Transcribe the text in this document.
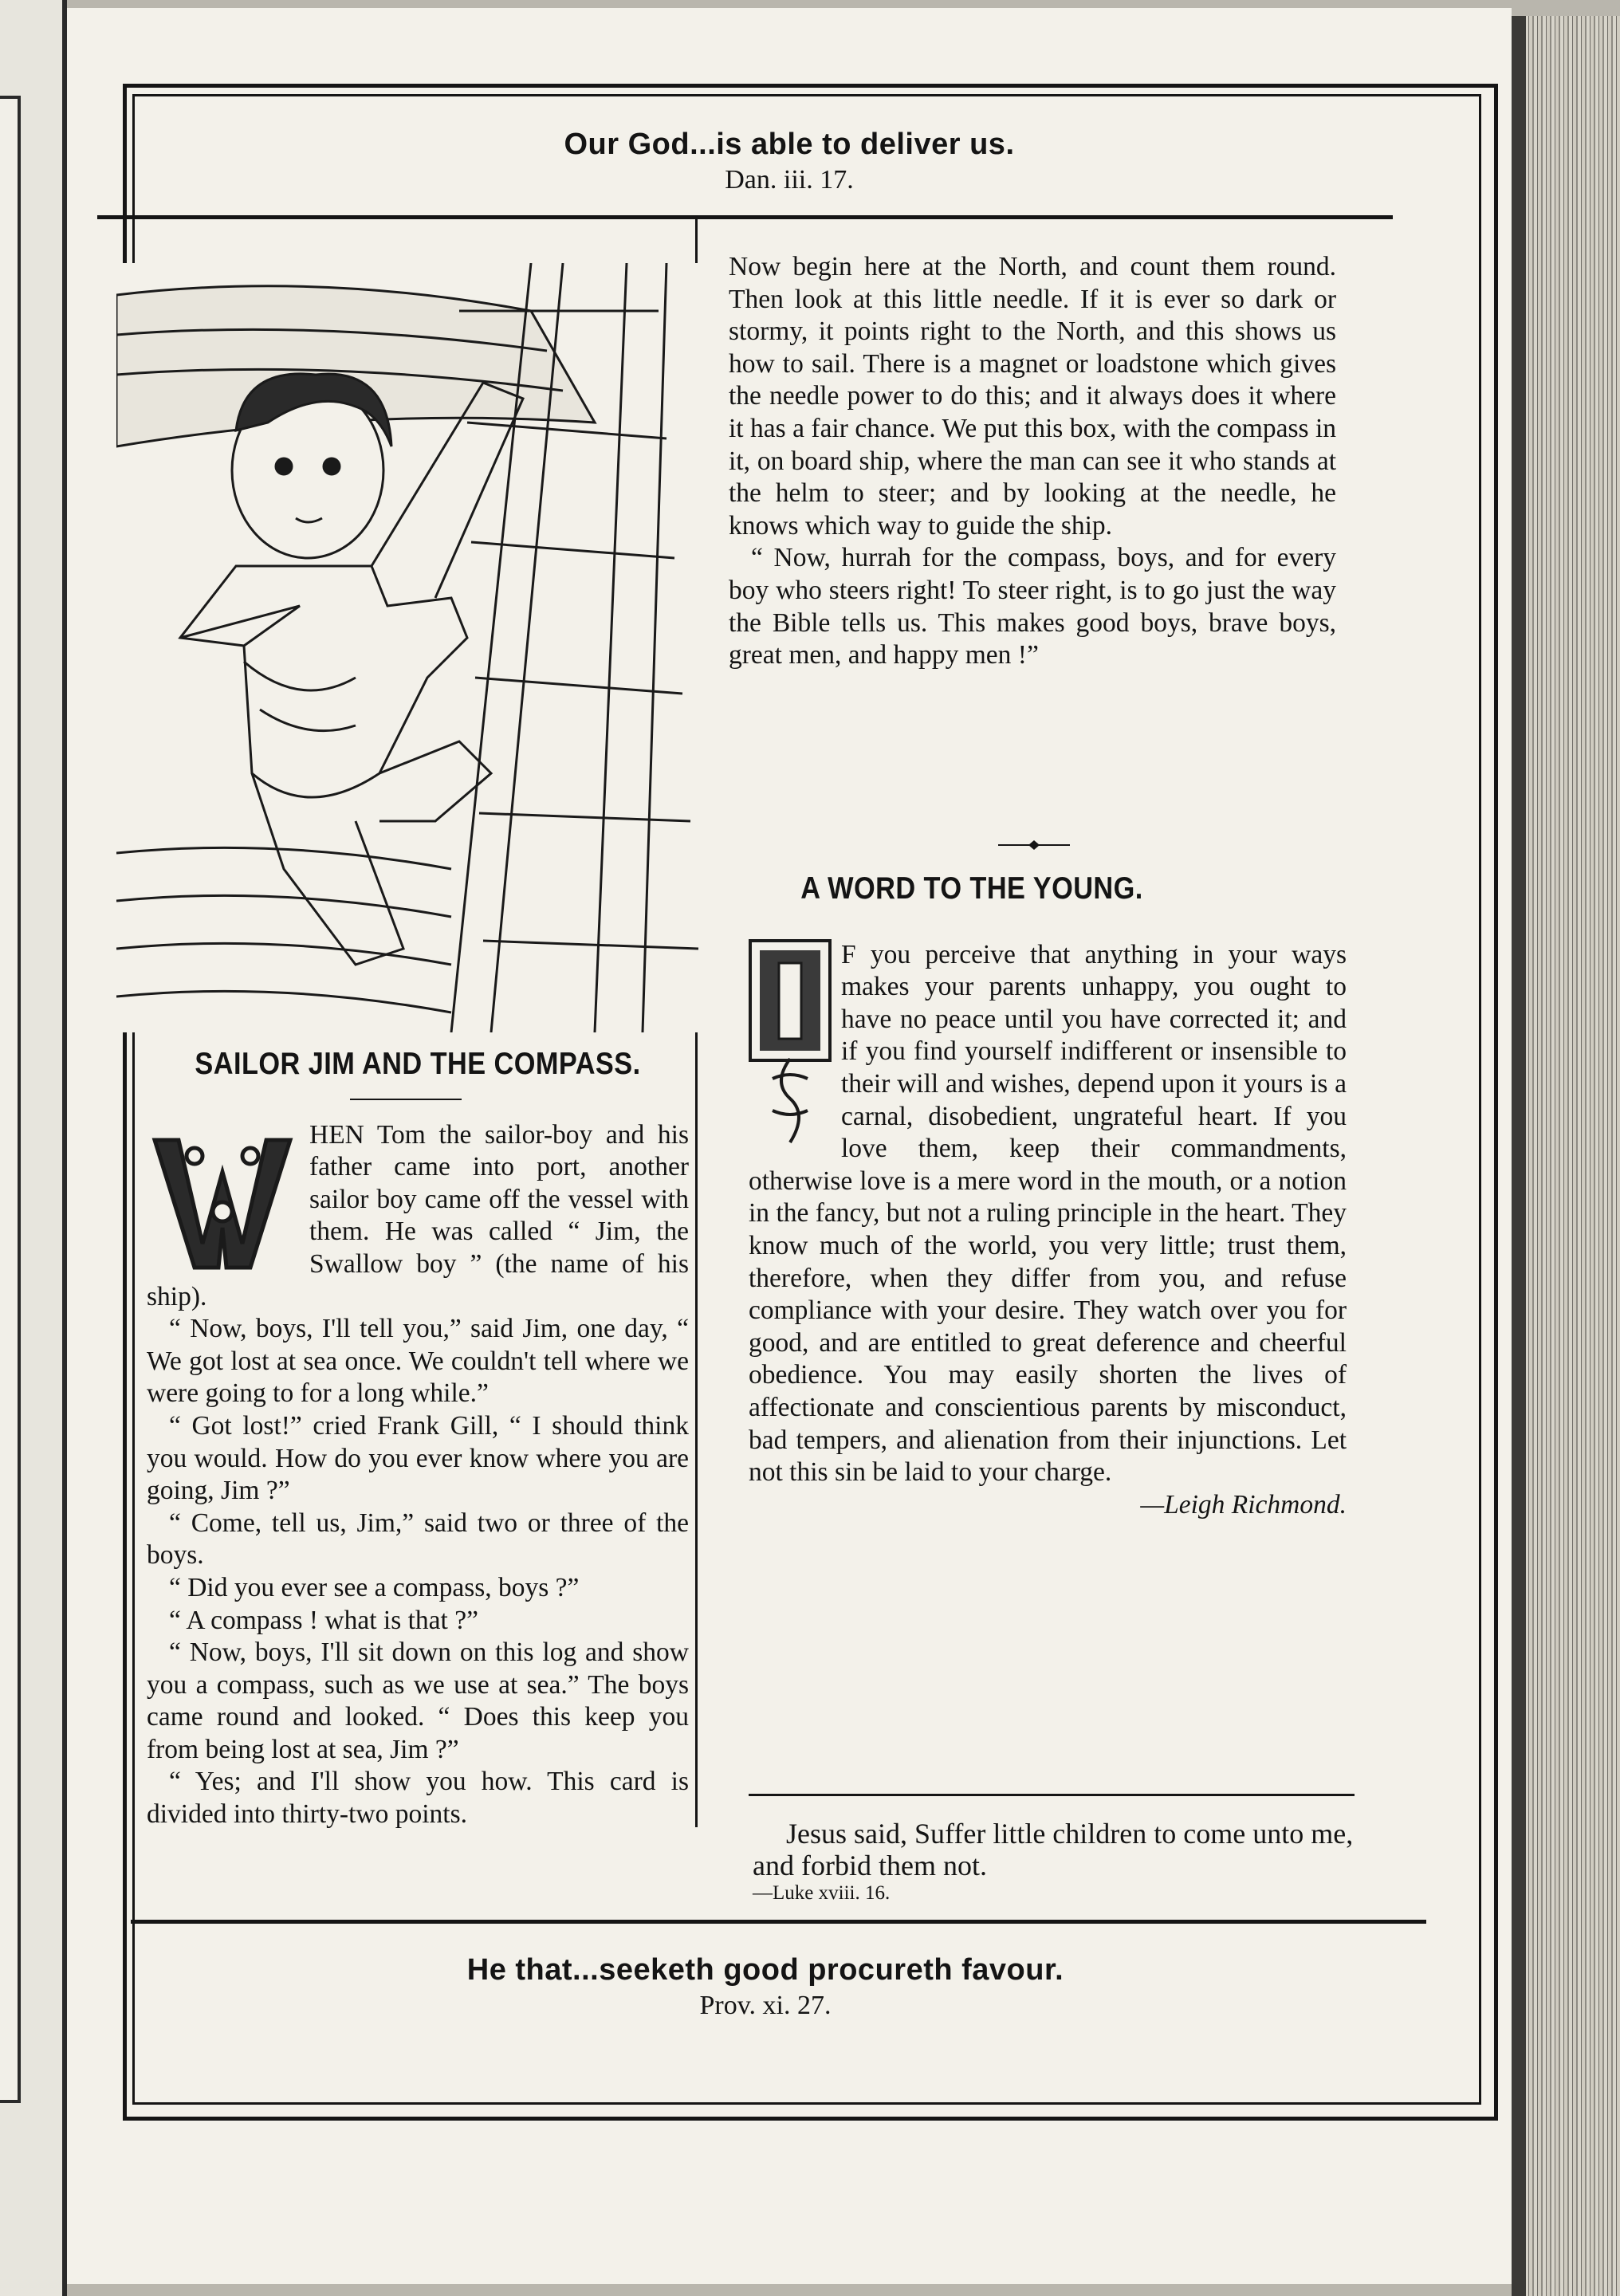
Our God...is able to deliver us.
Dan. iii. 17.
SAILOR JIM AND THE COMPASS.

HEN Tom the sailor-boy and his father came into port, another sailor boy came off the vessel with them. He was called “ Jim, the Swallow boy ” (the name of his ship).

“ Now, boys, I'll tell you,” said Jim, one day, “ We got lost at sea once. We couldn't tell where we were going to for a long while.”

“ Got lost!” cried Frank Gill, “ I should think you would. How do you ever know where you are going, Jim ?”

“ Come, tell us, Jim,” said two or three of the boys.

“ Did you ever see a compass, boys ?”

“ A compass ! what is that ?”

“ Now, boys, I'll sit down on this log and show you a compass, such as we use at sea.” The boys came round and looked. “ Does this keep you from being lost at sea, Jim ?”

“ Yes; and I'll show you how. This card is divided into thirty-two points.

Now begin here at the North, and count them round. Then look at this little needle. If it is ever so dark or stormy, it points right to the North, and this shows us how to sail. There is a magnet or loadstone which gives the needle power to do this; and it always does it where it has a fair chance. We put this box, with the compass in it, on board ship, where the man can see it who stands at the helm to steer; and by looking at the needle, he knows which way to guide the ship.

“ Now, hurrah for the compass, boys, and for every boy who steers right! To steer right, is to go just the way the Bible tells us. This makes good boys, brave boys, great men, and happy men !”

A WORD TO THE YOUNG.

F you perceive that anything in your ways makes your parents unhappy, you ought to have no peace until you have corrected it; and if you find yourself indifferent or insensible to their will and wishes, depend upon it yours is a carnal, disobedient, ungrateful heart. If you love them, keep their commandments, otherwise love is a mere word in the mouth, or a notion in the fancy, but not a ruling principle in the heart. They know much of the world, you very little; trust them, therefore, when they differ from you, and refuse compliance with your desire. They watch over you for good, and are entitled to great deference and cheerful obedience. You may easily shorten the lives of affectionate and conscientious parents by misconduct, bad tempers, and alienation from their injunctions. Let not this sin be laid to your charge.

—Leigh Richmond.

Jesus said, Suffer little children to come unto me, and forbid them not.

—Luke xviii. 16.
He that...seeketh good procureth favour.
Prov. xi. 27.
